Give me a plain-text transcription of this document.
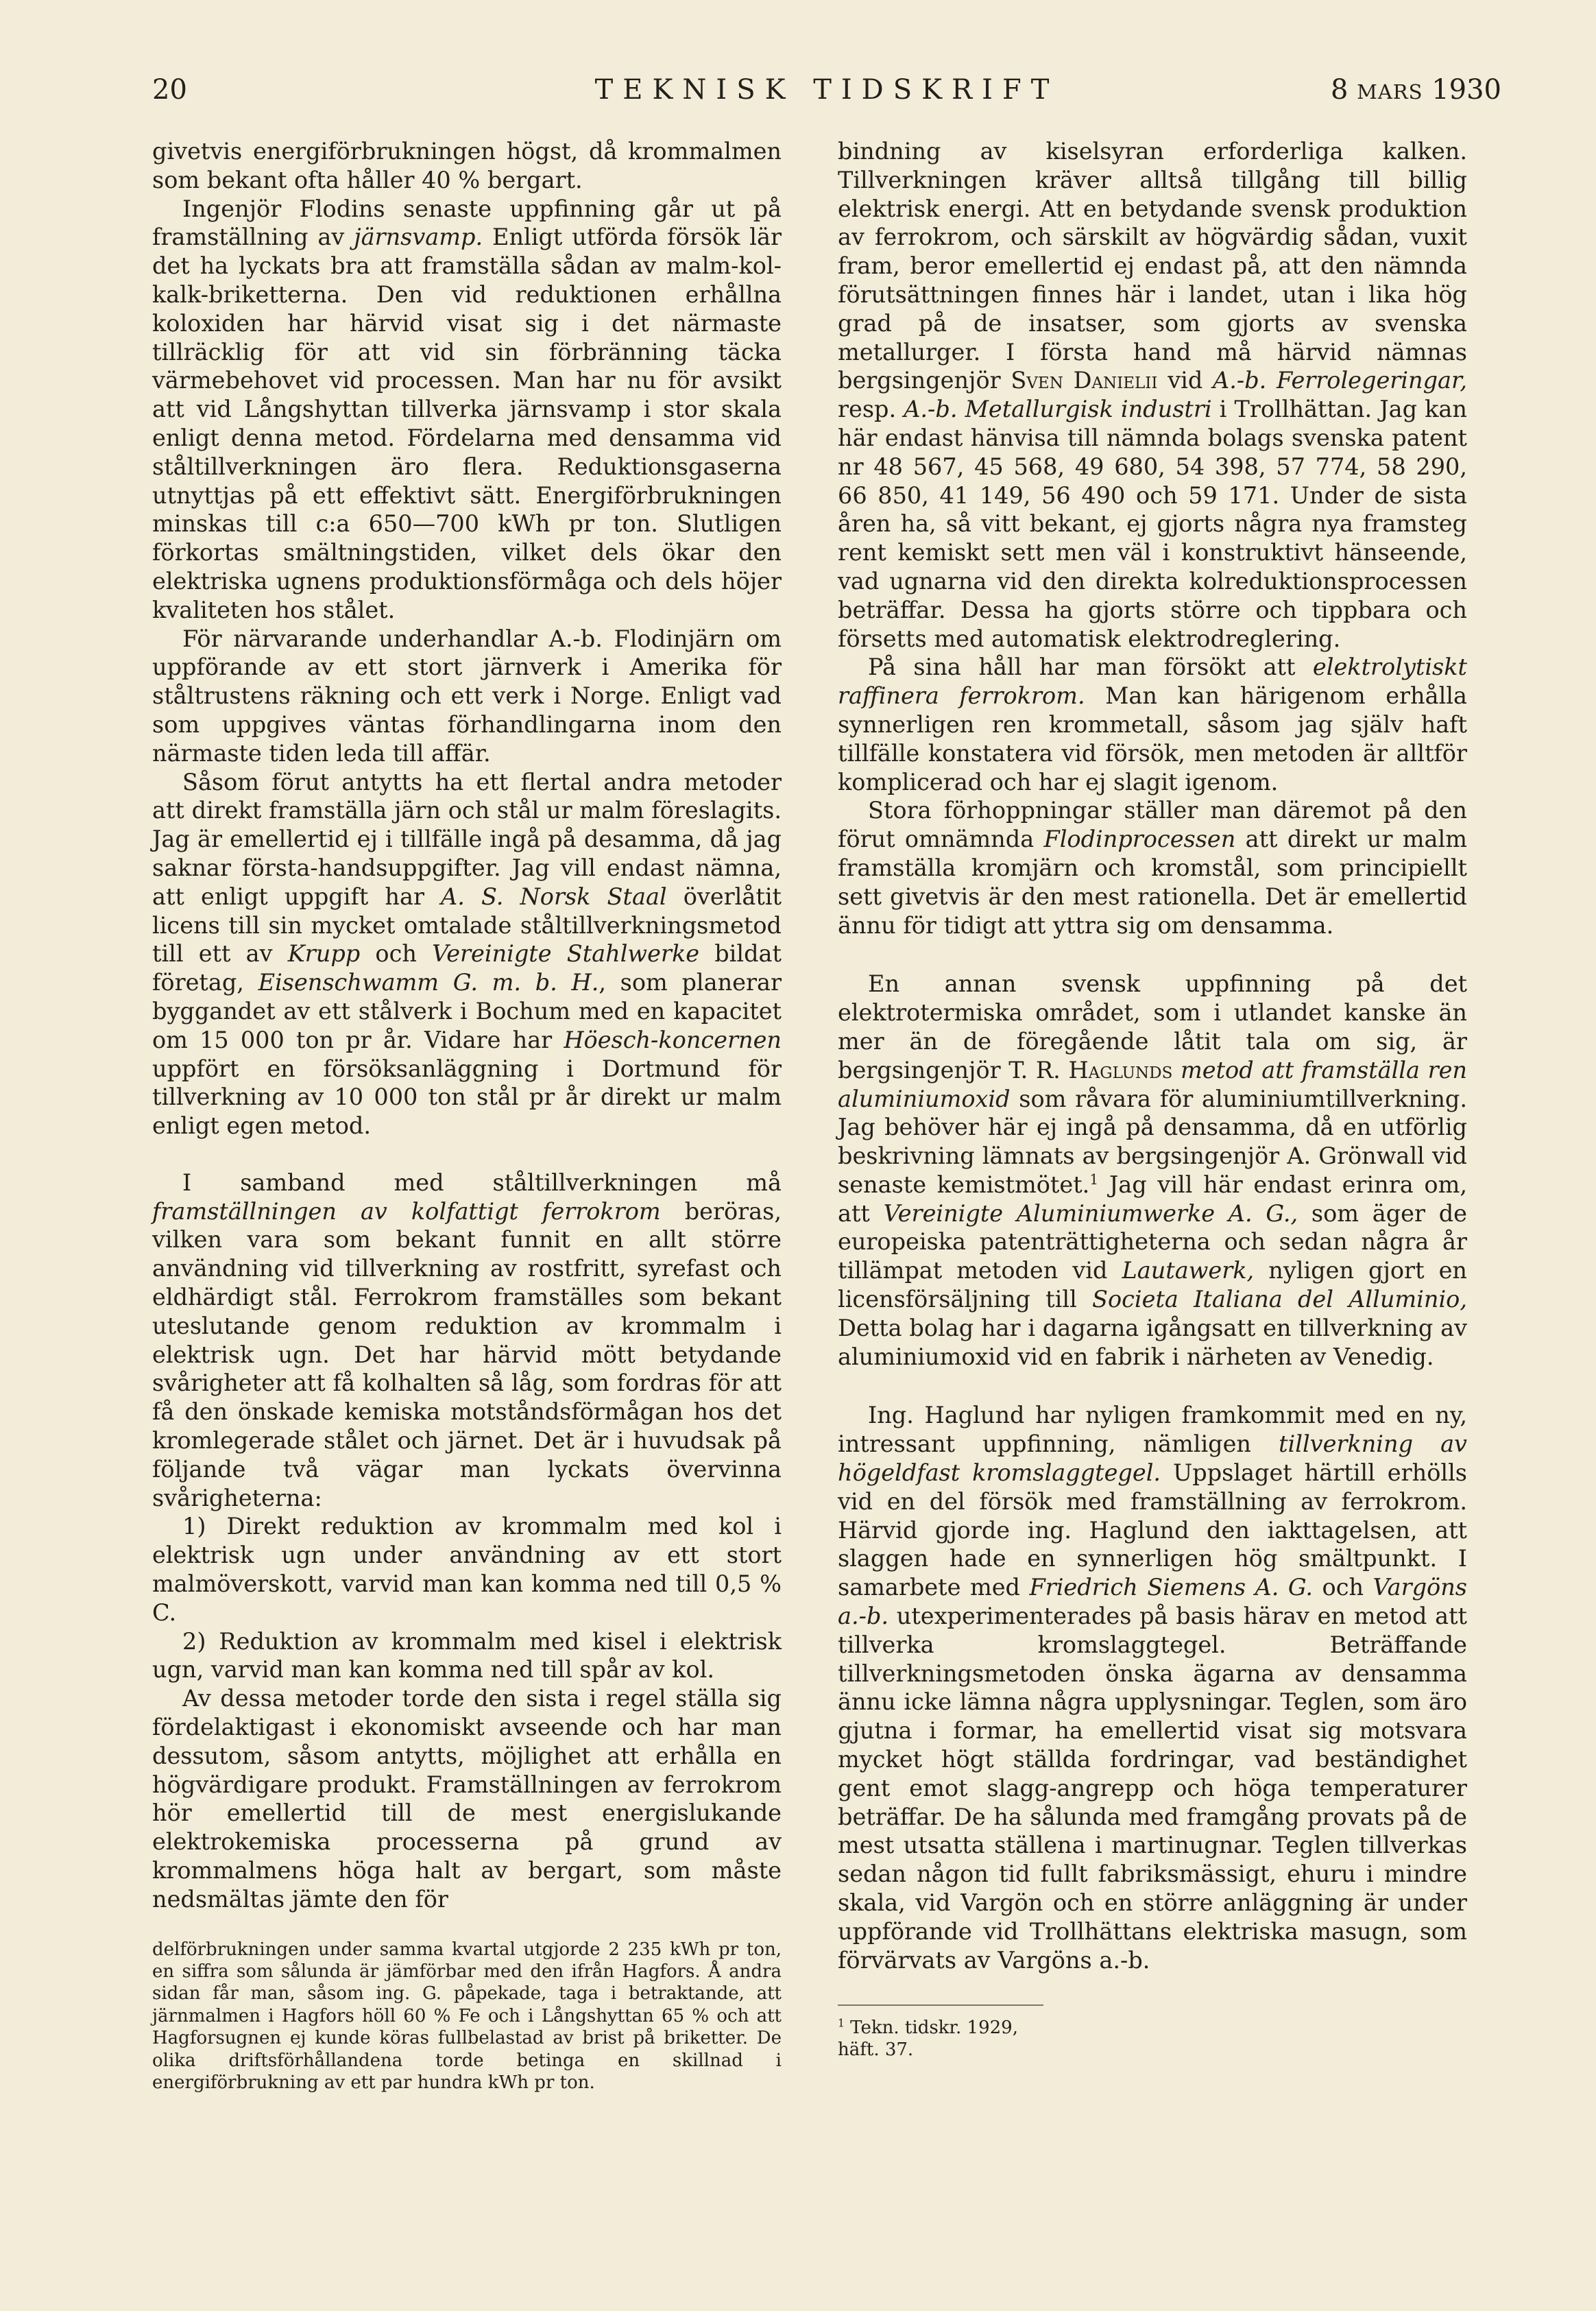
20	TEKNISK TIDSKRIFT	8 MARS 1930

givetvis energiförbrukningen högst, då krommalmen som bekant ofta håller 40 % bergart.

Ingenjör Flodins senaste uppfinning går ut på framställning av järnsvamp. Enligt utförda försök lär det ha lyckats bra att framställa sådan av malm-kol-kalk-briketterna. Den vid reduktionen erhållna koloxiden har härvid visat sig i det närmaste tillräcklig för att vid sin förbränning täcka värmebehovet vid processen. Man har nu för avsikt att vid Långshyttan tillverka järnsvamp i stor skala enligt denna metod. Fördelarna med densamma vid ståltillverkningen äro flera. Reduktionsgaserna utnyttjas på ett effektivt sätt. Energiförbrukningen minskas till c:a 650—700 kWh pr ton. Slutligen förkortas smältningstiden, vilket dels ökar den elektriska ugnens produktionsförmåga och dels höjer kvaliteten hos stålet.

För närvarande underhandlar A.-b. Flodinjärn om uppförande av ett stort järnverk i Amerika för ståltrustens räkning och ett verk i Norge. Enligt vad som uppgives väntas förhandlingarna inom den närmaste tiden leda till affär.

Såsom förut antytts ha ett flertal andra metoder att direkt framställa järn och stål ur malm föreslagits. Jag är emellertid ej i tillfälle ingå på desamma, då jag saknar första-handsuppgifter. Jag vill endast nämna, att enligt uppgift har A. S. Norsk Staal överlåtit licens till sin mycket omtalade ståltillverkningsmetod till ett av Krupp och Vereinigte Stahlwerke bildat företag, Eisenschwamm G. m. b. H., som planerar byggandet av ett stålverk i Bochum med en kapacitet om 15 000 ton pr år. Vidare har Höesch-koncernen uppfört en försöksanläggning i Dortmund för tillverkning av 10 000 ton stål pr år direkt ur malm enligt egen metod.

I samband med ståltillverkningen må framställningen av kolfattigt ferrokrom beröras, vilken vara som bekant funnit en allt större användning vid tillverkning av rostfritt, syrefast och eldhärdigt stål. Ferrokrom framställes som bekant uteslutande genom reduktion av krommalm i elektrisk ugn. Det har härvid mött betydande svårigheter att få kolhalten så låg, som fordras för att få den önskade kemiska motståndsförmågan hos det kromlegerade stålet och järnet. Det är i huvudsak på följande två vägar man lyckats övervinna svårigheterna:

1) Direkt reduktion av krommalm med kol i elektrisk ugn under användning av ett stort malmöverskott, varvid man kan komma ned till 0,5 % C.

2) Reduktion av krommalm med kisel i elektrisk ugn, varvid man kan komma ned till spår av kol.

Av dessa metoder torde den sista i regel ställa sig fördelaktigast i ekonomiskt avseende och har man dessutom, såsom antytts, möjlighet att erhålla en högvärdigare produkt. Framställningen av ferrokrom hör emellertid till de mest energislukande elektrokemiska processerna på grund av krommalmens höga halt av bergart, som måste nedsmältas jämte den för

delförbrukningen under samma kvartal utgjorde 2 235 kWh pr ton, en siffra som sålunda är jämförbar med den ifrån Hagfors. Å andra sidan får man, såsom ing. G. påpekade, taga i betraktande, att järnmalmen i Hagfors höll 60 % Fe och i Långshyttan 65 % och att Hagforsugnen ej kunde köras fullbelastad av brist på briketter. De olika driftsförhållandena torde betinga en skillnad i energiförbrukning av ett par hundra kWh pr ton.

bindning av kiselsyran erforderliga kalken. Tillverkningen kräver alltså tillgång till billig elektrisk energi. Att en betydande svensk produktion av ferrokrom, och särskilt av högvärdig sådan, vuxit fram, beror emellertid ej endast på, att den nämnda förutsättningen finnes här i landet, utan i lika hög grad på de insatser, som gjorts av svenska metallurger. I första hand må härvid nämnas bergsingenjör Sven Danielii vid A.-b. Ferrolegeringar, resp. A.-b. Metallurgisk industri i Trollhättan. Jag kan här endast hänvisa till nämnda bolags svenska patent nr 48 567, 45 568, 49 680, 54 398, 57 774, 58 290, 66 850, 41 149, 56 490 och 59 171. Under de sista åren ha, så vitt bekant, ej gjorts några nya framsteg rent kemiskt sett men väl i konstruktivt hänseende, vad ugnarna vid den direkta kolreduktionsprocessen beträffar. Dessa ha gjorts större och tippbara och försetts med automatisk elektrodreglering.

På sina håll har man försökt att elektrolytiskt raffinera ferrokrom. Man kan härigenom erhålla synnerligen ren krommetall, såsom jag själv haft tillfälle konstatera vid försök, men metoden är alltför komplicerad och har ej slagit igenom.

Stora förhoppningar ställer man däremot på den förut omnämnda Flodinprocessen att direkt ur malm framställa kromjärn och kromstål, som principiellt sett givetvis är den mest rationella. Det är emellertid ännu för tidigt att yttra sig om densamma.

En annan svensk uppfinning på det elektrotermiska området, som i utlandet kanske än mer än de föregående låtit tala om sig, är bergsingenjör T. R. Haglunds metod att framställa ren aluminiumoxid som råvara för aluminiumtillverkning. Jag behöver här ej ingå på densamma, då en utförlig beskrivning lämnats av bergsingenjör A. Grönwall vid senaste kemistmötet.$^1$ Jag vill här endast erinra om, att Vereinigte Aluminiumwerke A. G., som äger de europeiska patenträttigheterna och sedan några år tillämpat metoden vid Lautawerk, nyligen gjort en licensförsäljning till Societa Italiana del Alluminio, Detta bolag har i dagarna igångsatt en tillverkning av aluminiumoxid vid en fabrik i närheten av Venedig.

Ing. Haglund har nyligen framkommit med en ny, intressant uppfinning, nämligen tillverkning av högeldfast kromslaggtegel. Uppslaget härtill erhölls vid en del försök med framställning av ferrokrom. Härvid gjorde ing. Haglund den iakttagelsen, att slaggen hade en synnerligen hög smältpunkt. I samarbete med Friedrich Siemens A. G. och Vargöns a.-b. utexperimenterades på basis härav en metod att tillverka kromslaggtegel. Beträffande tillverkningsmetoden önska ägarna av densamma ännu icke lämna några upplysningar. Teglen, som äro gjutna i formar, ha emellertid visat sig motsvara mycket högt ställda fordringar, vad beständighet gent emot slagg-angrepp och höga temperaturer beträffar. De ha sålunda med framgång provats på de mest utsatta ställena i martinugnar. Teglen tillverkas sedan någon tid fullt fabriksmässigt, ehuru i mindre skala, vid Vargön och en större anläggning är under uppförande vid Trollhättans elektriska masugn, som förvärvats av Vargöns a.-b.

$^1$ Tekn. tidskr. 1929, häft. 37.
